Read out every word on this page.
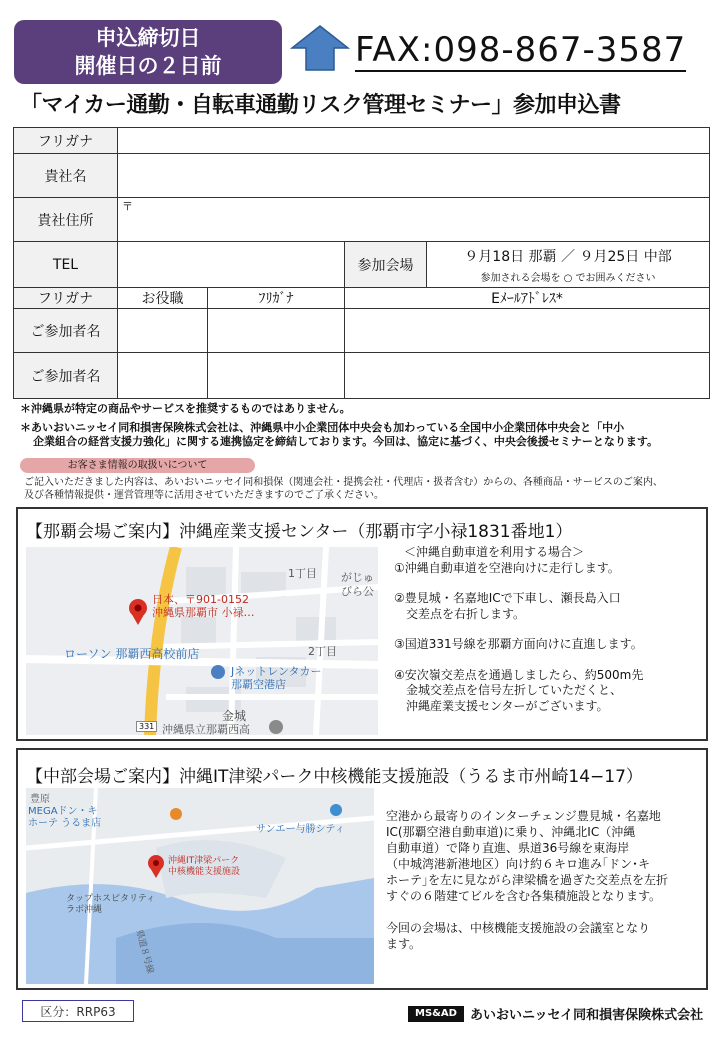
申込締切日
開催日の２日前	FAX:098-867-3587
「マイカー通勤・自転車通勤リスク管理セミナー」参加申込書
フリガナ				
貴社名				
貴社住所	〒			
TEL			参加会場	９月18日 那覇 ／ ９月25日 中部
参加される会場を ○ でお囲みください

フリガナ	お役職	ﾌﾘｶﾞﾅ	Eﾒｰﾙｱﾄﾞﾚｽ*	
ご参加者名				
ご参加者名				
＊沖縄県が特定の商品やサービスを推奨するものではありません。
＊あいおいニッセイ同和損害保険株式会社は、沖縄県中小企業団体中央会も加わっている全国中小企業団体中央会と「中小
企業組合の経営支援力強化」に関する連携協定を締結しております。今回は、協定に基づく、中央会後援セミナーとなります。
お客さま情報の取扱いについて
ご記入いただきました内容は、あいおいニッセイ同和損保（関連会社・提携会社・代理店・扱者含む）からの、各種商品・サービスのご案内、
及び各種情報提供・運営管理等に活用させていただきますのでご了承ください。
【那覇会場ご案内】沖縄産業支援センター（那覇市字小禄1831番地1）
日本、〒901-0152
沖縄県那覇市 小禄…
ローソン 那覇西高校前店
Jネットレンタカー
那覇空港店
1丁目
2丁目
がじゅ
びら公
金城
沖縄県立那覇西高
331
＜沖縄自動車道を利用する場合＞
①沖縄自動車道を空港向けに走行します。
②豊見城・名嘉地ICで下車し、瀬長島入口
　交差点を右折します。
③国道331号線を那覇方面向けに直進します。
④安次嶺交差点を通過しましたら、約500m先
　金城交差点を信号左折していただくと、
　沖縄産業支援センターがございます。
【中部会場ご案内】沖縄IT津梁パーク中核機能支援施設（うるま市州崎14−17）
豊原
MEGAドン・キ
ホーテ うるま店
サンエー与勝シティ
沖縄IT津梁パーク
中核機能支援施設
タップホスピタリティ
ラボ沖縄
県道８号線
空港から最寄りのインターチェンジ豊見城・名嘉地
IC(那覇空港自動車道)に乗り、沖縄北IC（沖縄
自動車道）で降り直進、県道36号線を東海岸
（中城湾港新港地区）向け約６キロ進み｢ドン･キ
ホーテ｣を左に見ながら津梁橋を過ぎた交差点を左折
すぐの６階建てビルを含む各集積施設となります。
今回の会場は、中核機能支援施設の会議室となり
ます。
区分：RRP63	MS&AD	あいおいニッセイ同和損害保険株式会社
